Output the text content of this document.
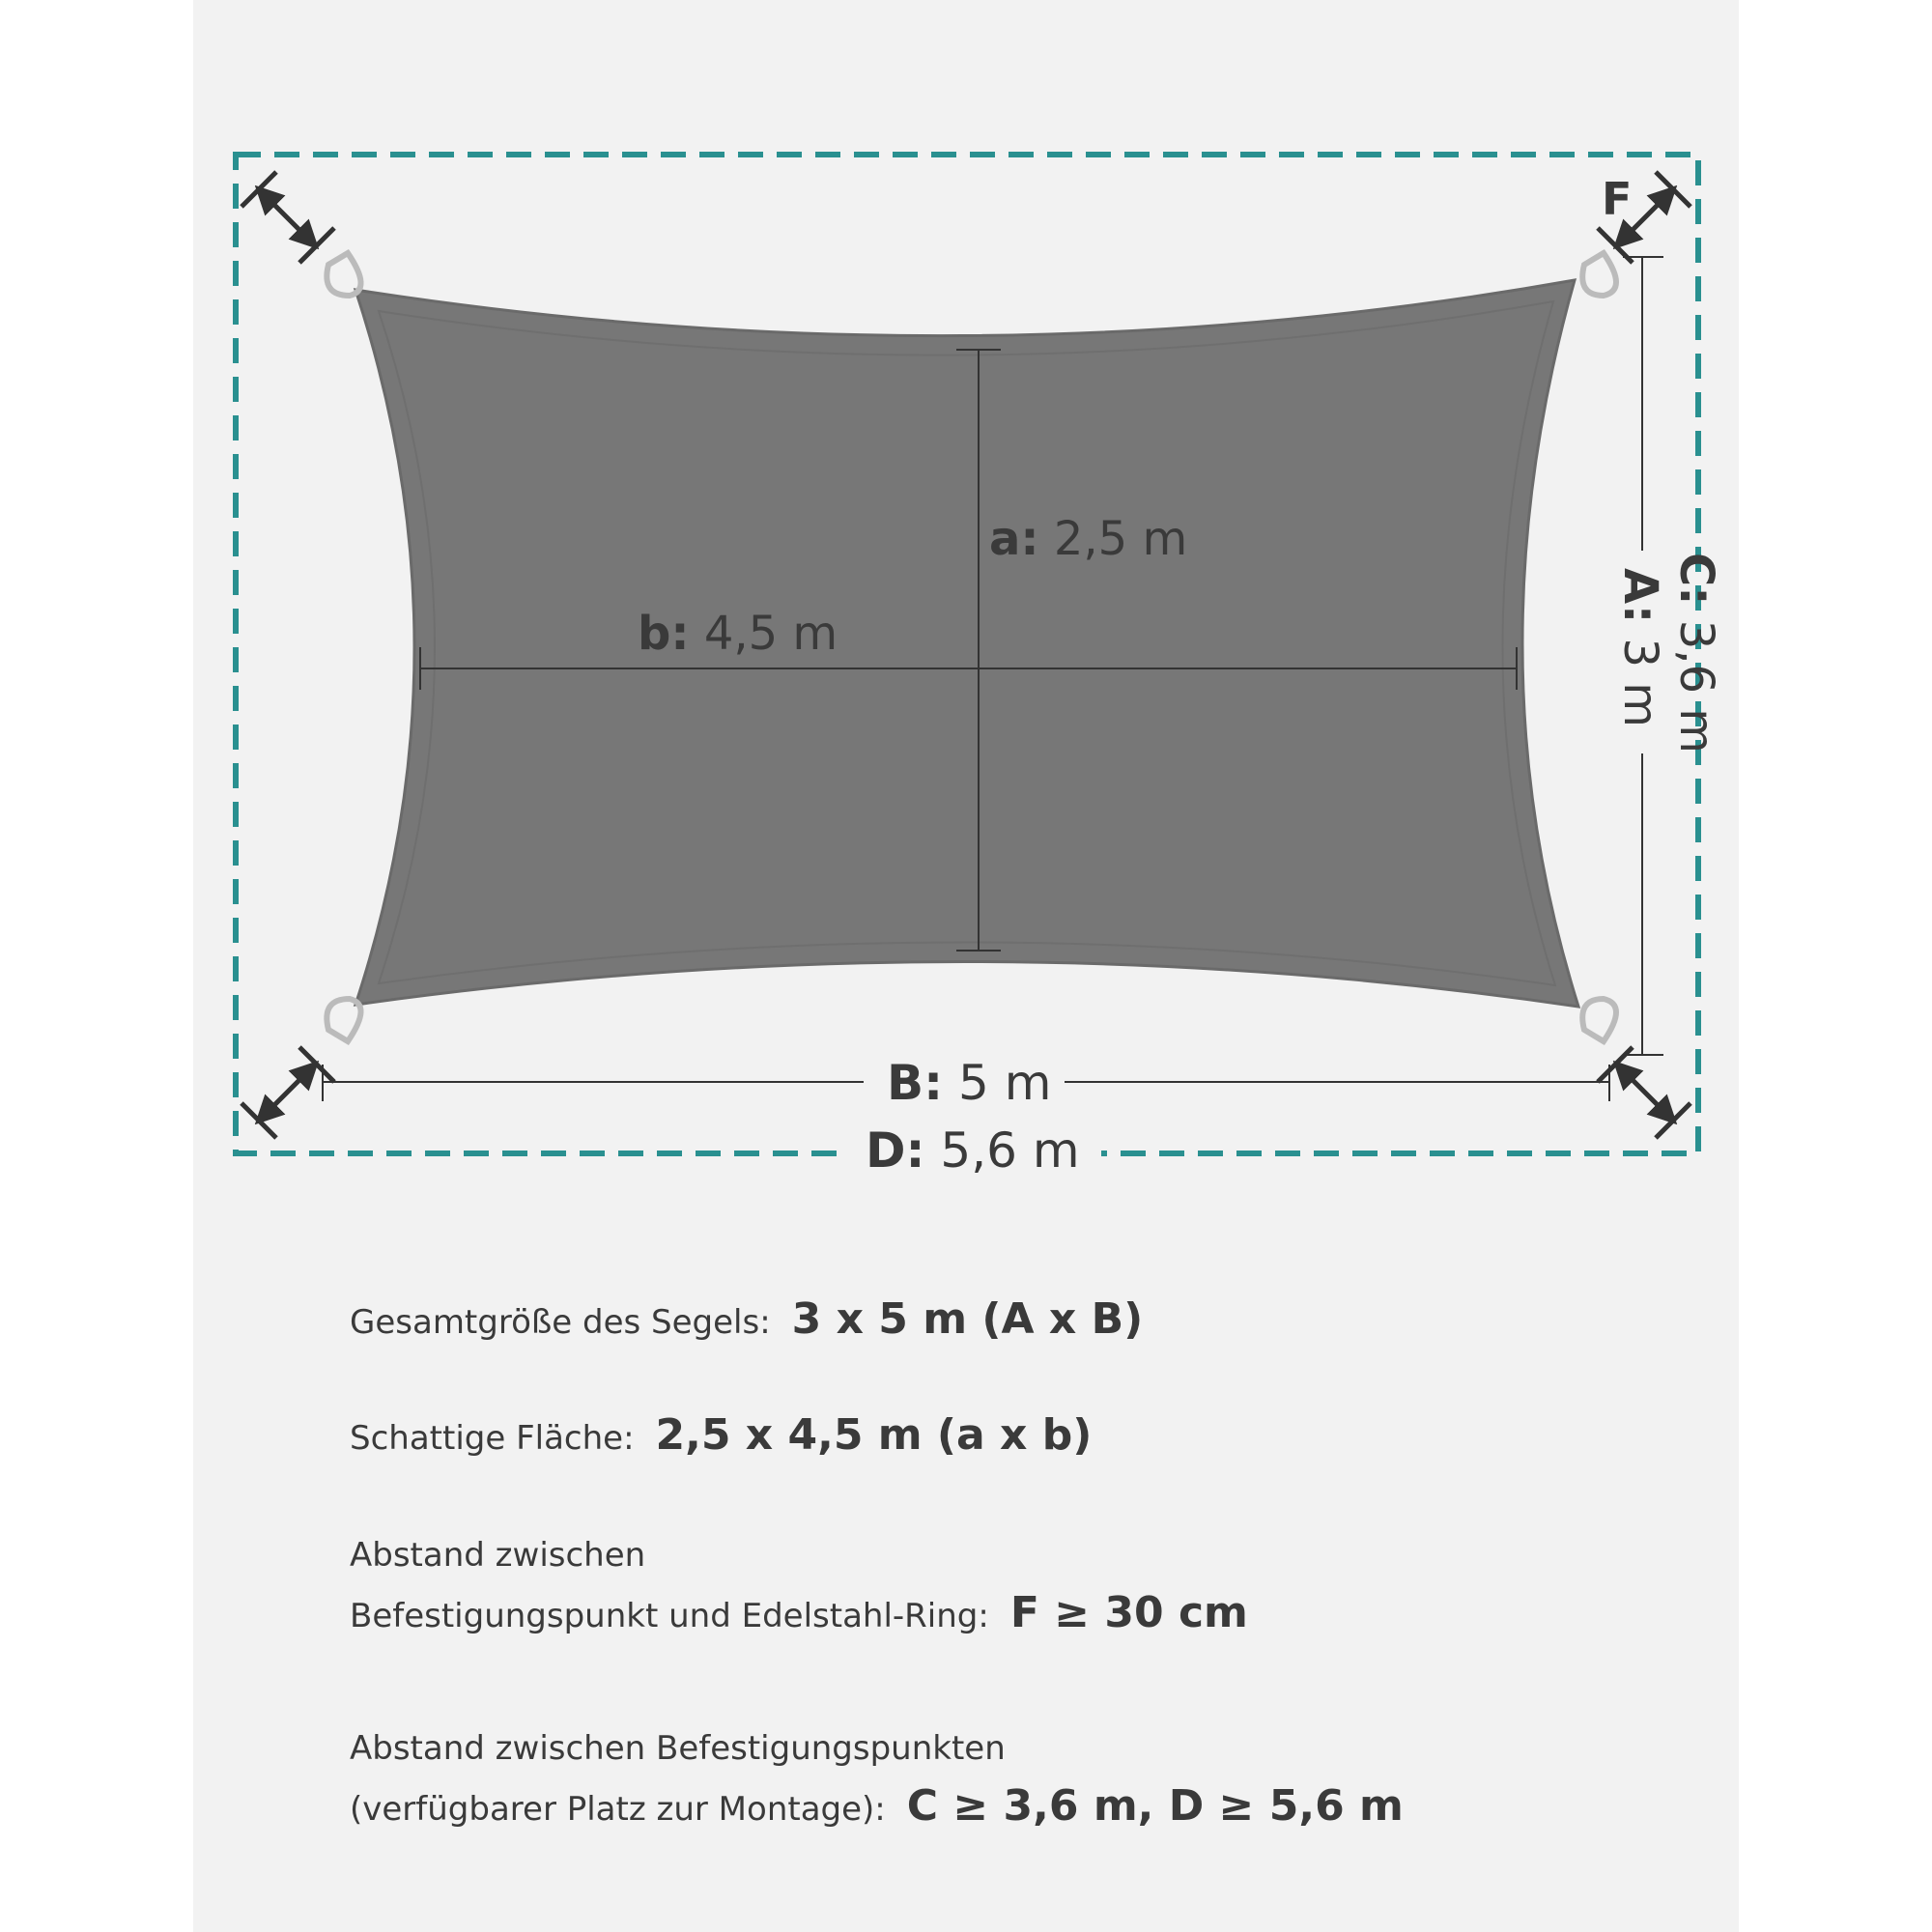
a: 2,5 m
b: 4,5 m
B: 5 m
D: 5,6 m
F
A: 3 m
C: 3,6 m
Gesamtgröße des Segels: 3 x 5 m (A x B)
Schattige Fläche: 2,5 x 4,5 m (a x b)
Abstand zwischen
Befestigungspunkt und Edelstahl-Ring: F ≥ 30 cm
Abstand zwischen Befestigungspunkten
(verfügbarer Platz zur Montage): C ≥ 3,6 m, D ≥ 5,6 m
